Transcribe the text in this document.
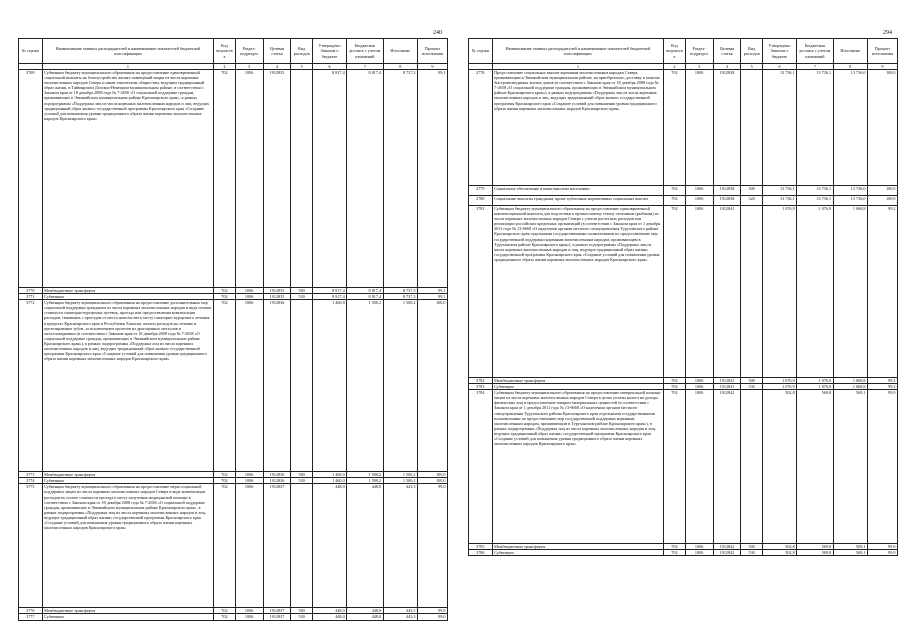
240
№ строки	Наименование главных распорядителей и наименование показателей бюджетной классификации	Код ведомства	Раздел-подраздел	Целевая статья	Вид расходов	Утверждено Законом о бюджете	Бюджетная роспись с учетом изменений	Исполнено	Процент исполнения
	1	2	3	4	5	6	7	8	9
3769	Субвенции бюджету муниципального образования на предоставление единовременной социальной выплаты на благоустройство жилых помещений лицам из числа коренных малочисленных народов Севера и иным этническим общностям, ведущим традиционный образ жизни, в Таймырском Долгано-Ненецком муниципальном районе, в соответствии с Законом края от 18 декабря 2008 года № 7-2658 «О социальной поддержке граждан, проживающих в Эвенкийском муниципальном районе Красноярского края», в рамках подпрограммы «Поддержка лиц из числа коренных малочисленных народов и лиц, ведущих традиционный образ жизни» государственной программы Красноярского края «Создание условий для повышения уровня традиционного образа жизни коренных малочисленных народов Красноярского края»	702	1006	1912835		8 817,4	8 817,4	8 737,3	99,1
3770	Межбюджетные трансферты	702	1006	1912835	500	8 817,4	8 817,4	8 737,3	99,1
3771	Субвенции	702	1006	1912835	530	8 817,4	8 817,4	8 737,3	99,1
3772	Субвенции бюджету муниципального образования на предоставление дополнительных мер социальной поддержки гражданам из числа коренных малочисленных народов в виде оплаты стоимости санаторно-курортных путевок, проезда или предоставления компенсации расходов, связанных с проездом от места жительства к месту санаторно-курортного лечения в пределах Красноярского края и Республики Хакасия, оплаты расходов на лечение и протезирование зубов, за исключением протезов из драгоценных металлов и металлокерамики (в соответствии с Законом края от 18 декабря 2008 года № 7-2658 «О социальной поддержке граждан, проживающих в Эвенкийском муниципальном районе Красноярского края»), в рамках подпрограммы «Поддержка лиц из числа коренных малочисленных народов и лиц, ведущих традиционный образ жизни» государственной программы Красноярского края «Создание условий для повышения уровня традиционного образа жизни коренных малочисленных народов Красноярского края»	702	1006	1912836		1 460,0	1 500,2	1 500,2	100,0
3773	Межбюджетные трансферты	702	1006	1912836	500	1 460,0	1 500,2	1 500,2	100,0
3774	Субвенции	702	1006	1912836	530	1 460,0	1 500,2	1 500,2	100,0
3775	Субвенции бюджету муниципального образования на предоставление меры социальной поддержки лицам из числа коренных малочисленных народов Севера в виде компенсации расходов по оплате стоимости проезда к месту получения медицинской помощи в соответствии с Законом края от 18 декабря 2008 года № 7-2658 «О социальной поддержке граждан, проживающих в Эвенкийском муниципальном районе Красноярского края», в рамках подпрограммы «Поддержка лиц из числа коренных малочисленных народов и лиц, ведущих традиционный образ жизни» государственной программы Красноярского края «Создание условий для повышения уровня традиционного образа жизни коренных малочисленных народов Красноярского края»	702	1006	1912837		448,0	448,0	443,3	99,0
3776	Межбюджетные трансферты	702	1006	1912837	500	448,0	448,0	443,3	99,0
3777	Субвенции	702	1006	1912837	530	448,0	448,0	443,3	99,0
294
№ строки	Наименование главных распорядителей и наименование показателей бюджетной классификации	Код ведомства	Раздел-подраздел	Целевая статья	Вид расходов	Утверждено Законом о бюджете	Бюджетная роспись с учетом изменений	Исполнено	Процент исполнения
	1	2	3	4	5	6	7	8	9
2778	Предоставление социальных выплат коренным малочисленным народам Севера, проживающим в Эвенкийском муниципальном районе, на приобретение, доставку и монтаж быстровозводимых жилых домов (в соответствии с Законом края от 18 декабря 2008 года № 7-2658 «О социальной поддержке граждан, проживающих в Эвенкийском муниципальном районе Красноярского края»), в рамках подпрограммы «Поддержка лиц из числа коренных малочисленных народов и лиц, ведущих традиционный образ жизни» государственной программы Красноярского края «Создание условий для повышения уровня традиционного образа жизни коренных малочисленных народов Красноярского края»	702	1006	1912838		13 736,1	13 736,1	13 736,0	100,0
2779	Социальное обеспечение и иные выплаты населению	702	1006	1912838	300	13 736,1	13 736,1	13 736,0	100,0
2780	Социальные выплаты гражданам, кроме публичных нормативных социальных выплат	702	1006	1912838	320	13 736,1	13 736,1	13 736,0	100,0
3781	Субвенции бюджету муниципального образования на предоставление единовременной компенсационной выплаты для подготовки к промысловому сезону охотникам (рыбакам) из числа коренных малочисленных народов Севера с учетом расчетных расходов или реализации российских кредитных организаций (в соответствии с Законом края от 1 декабря 2011 года № 13-6668 «О наделении органов местного самоуправления Туруханского района Красноярского края отдельными государственными полномочиями по предоставлению мер государственной поддержки коренным малочисленным народам, проживающим в Туруханском районе Красноярского края»), в рамках подпрограммы «Поддержка лиц из числа коренных малочисленных народов и лиц, ведущих традиционный образ жизни» государственной программы Красноярского края «Создание условий для повышения уровня традиционного образа жизни коренных малочисленных народов Красноярского края»	702	1006	1912841		1 076,9	1 076,9	1 068,8	99,2
3782	Межбюджетные трансферты	702	1006	1912841	500	1 076,9	1 076,9	1 068,8	99,2
3783	Субвенции	702	1006	1912841	530	1 076,9	1 076,9	1 068,8	99,2
3784	Субвенции бюджету муниципального образования на предоставление материальной помощи лицам из числа коренных малочисленных народов Севера в целях уплаты налога на доходы физических лиц и предоставление товарно-материальных ценностей (в соответствии с Законом края от 1 декабря 2011 года № 13-6668 «О наделении органов местного самоуправления Туруханского района Красноярского края отдельными государственными полномочиями по предоставлению мер государственной поддержки коренным малочисленным народам, проживающим в Туруханском районе Красноярского края»), в рамках подпрограммы «Поддержка лиц из числа коренных малочисленных народов и лиц, ведущих традиционный образ жизни» государственной программы Красноярского края «Создание условий для повышения уровня традиционного образа жизни коренных малочисленных народов Красноярского края»	702	1006	1912842		502,8	569,8	569,1	99,9
3785	Межбюджетные трансферты	702	1006	1912842	500	502,8	569,8	569,1	99,9
3786	Субвенции	702	1006	1912842	530	502,8	569,8	569,1	99,9
